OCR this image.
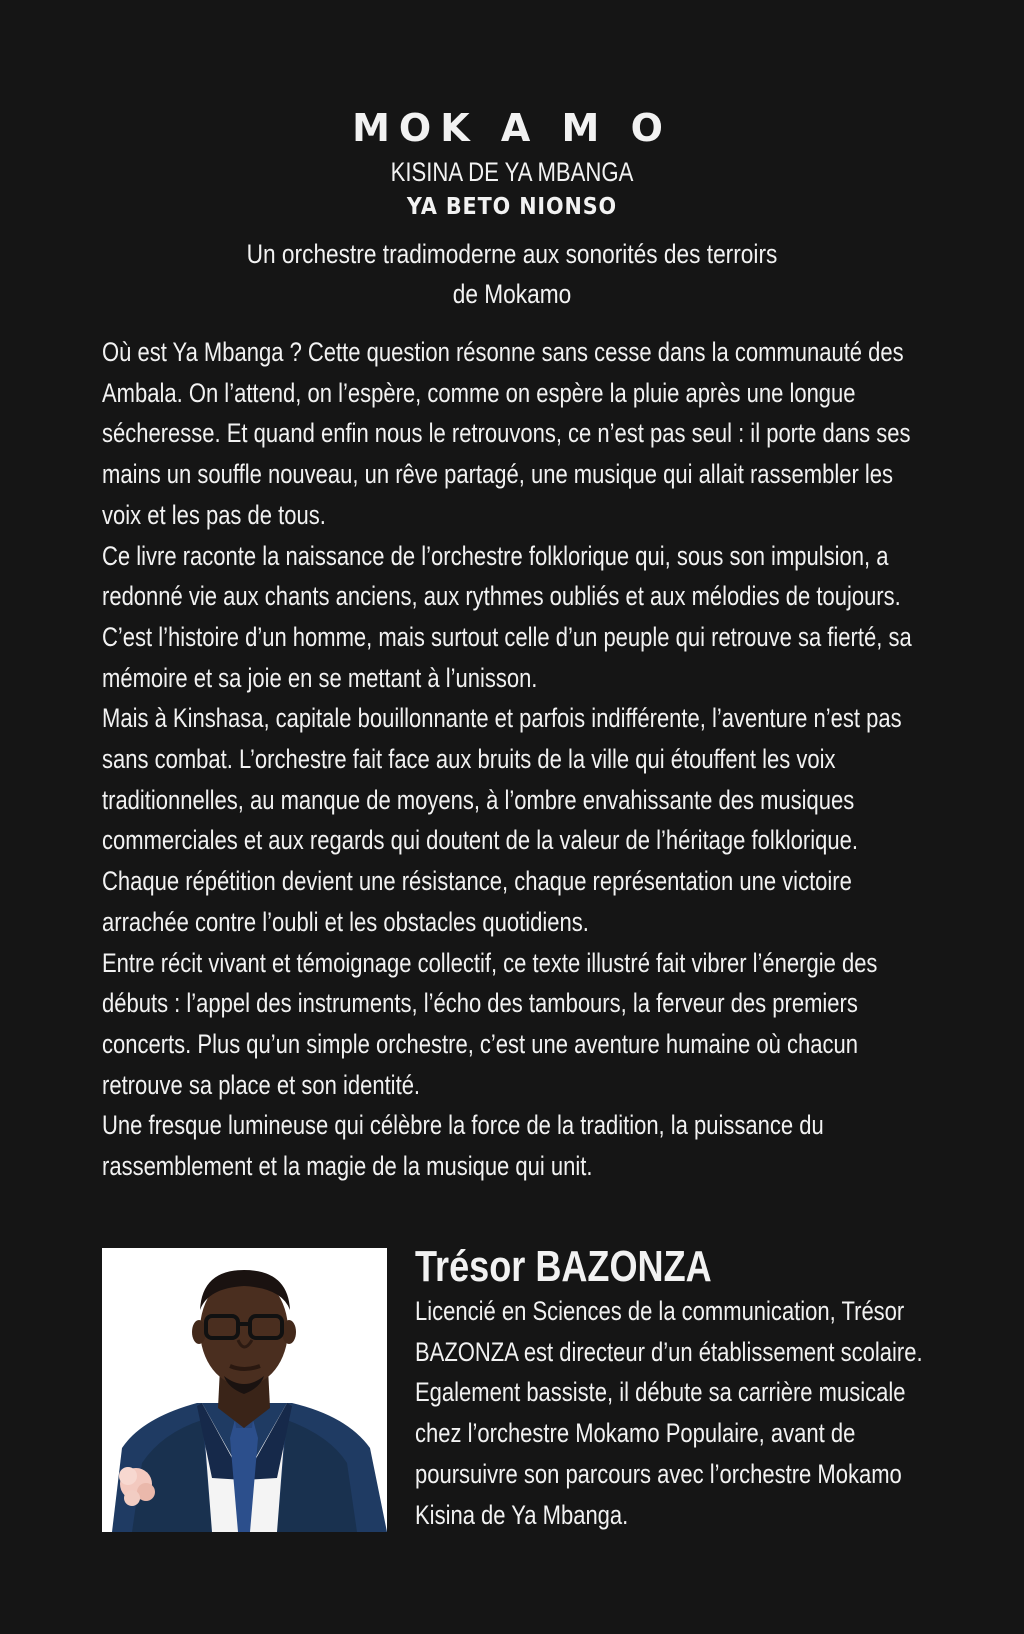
MOK A M O
KISINA DE YA MBANGA
YA BETO NIONSO
Un orchestre tradimoderne aux sonorités des terroirs
de Mokamo

Où est Ya Mbanga ? Cette question résonne sans cesse dans la communauté des Ambala. On l’attend, on l’espère, comme on espère la pluie après une longue sécheresse. Et quand enfin nous le retrouvons, ce n’est pas seul : il porte dans ses mains un souffle nouveau, un rêve partagé, une musique qui allait rassembler les voix et les pas de tous.

Ce livre raconte la naissance de l’orchestre folklorique qui, sous son impulsion, a redonné vie aux chants anciens, aux rythmes oubliés et aux mélodies de toujours. C’est l’histoire d’un homme, mais surtout celle d’un peuple qui retrouve sa fierté, sa mémoire et sa joie en se mettant à l’unisson.

Mais à Kinshasa, capitale bouillonnante et parfois indifférente, l’aventure n’est pas sans combat. L’orchestre fait face aux bruits de la ville qui étouffent les voix traditionnelles, au manque de moyens, à l’ombre envahissante des musiques commerciales et aux regards qui doutent de la valeur de l’héritage folklorique. Chaque répétition devient une résistance, chaque représentation une victoire arrachée contre l’oubli et les obstacles quotidiens.

Entre récit vivant et témoignage collectif, ce texte illustré fait vibrer l’énergie des débuts : l’appel des instruments, l’écho des tambours, la ferveur des premiers concerts. Plus qu’un simple orchestre, c’est une aventure humaine où chacun retrouve sa place et son identité.

Une fresque lumineuse qui célèbre la force de la tradition, la puissance du rassemblement et la magie de la musique qui unit.

Trésor BAZONZA
Licencié en Sciences de la communication, Trésor BAZONZA est directeur d’un établissement scolaire. Egalement bassiste, il débute sa carrière musicale chez l’orchestre Mokamo Populaire, avant de poursuivre son parcours avec l’orchestre Mokamo Kisina de Ya Mbanga.
